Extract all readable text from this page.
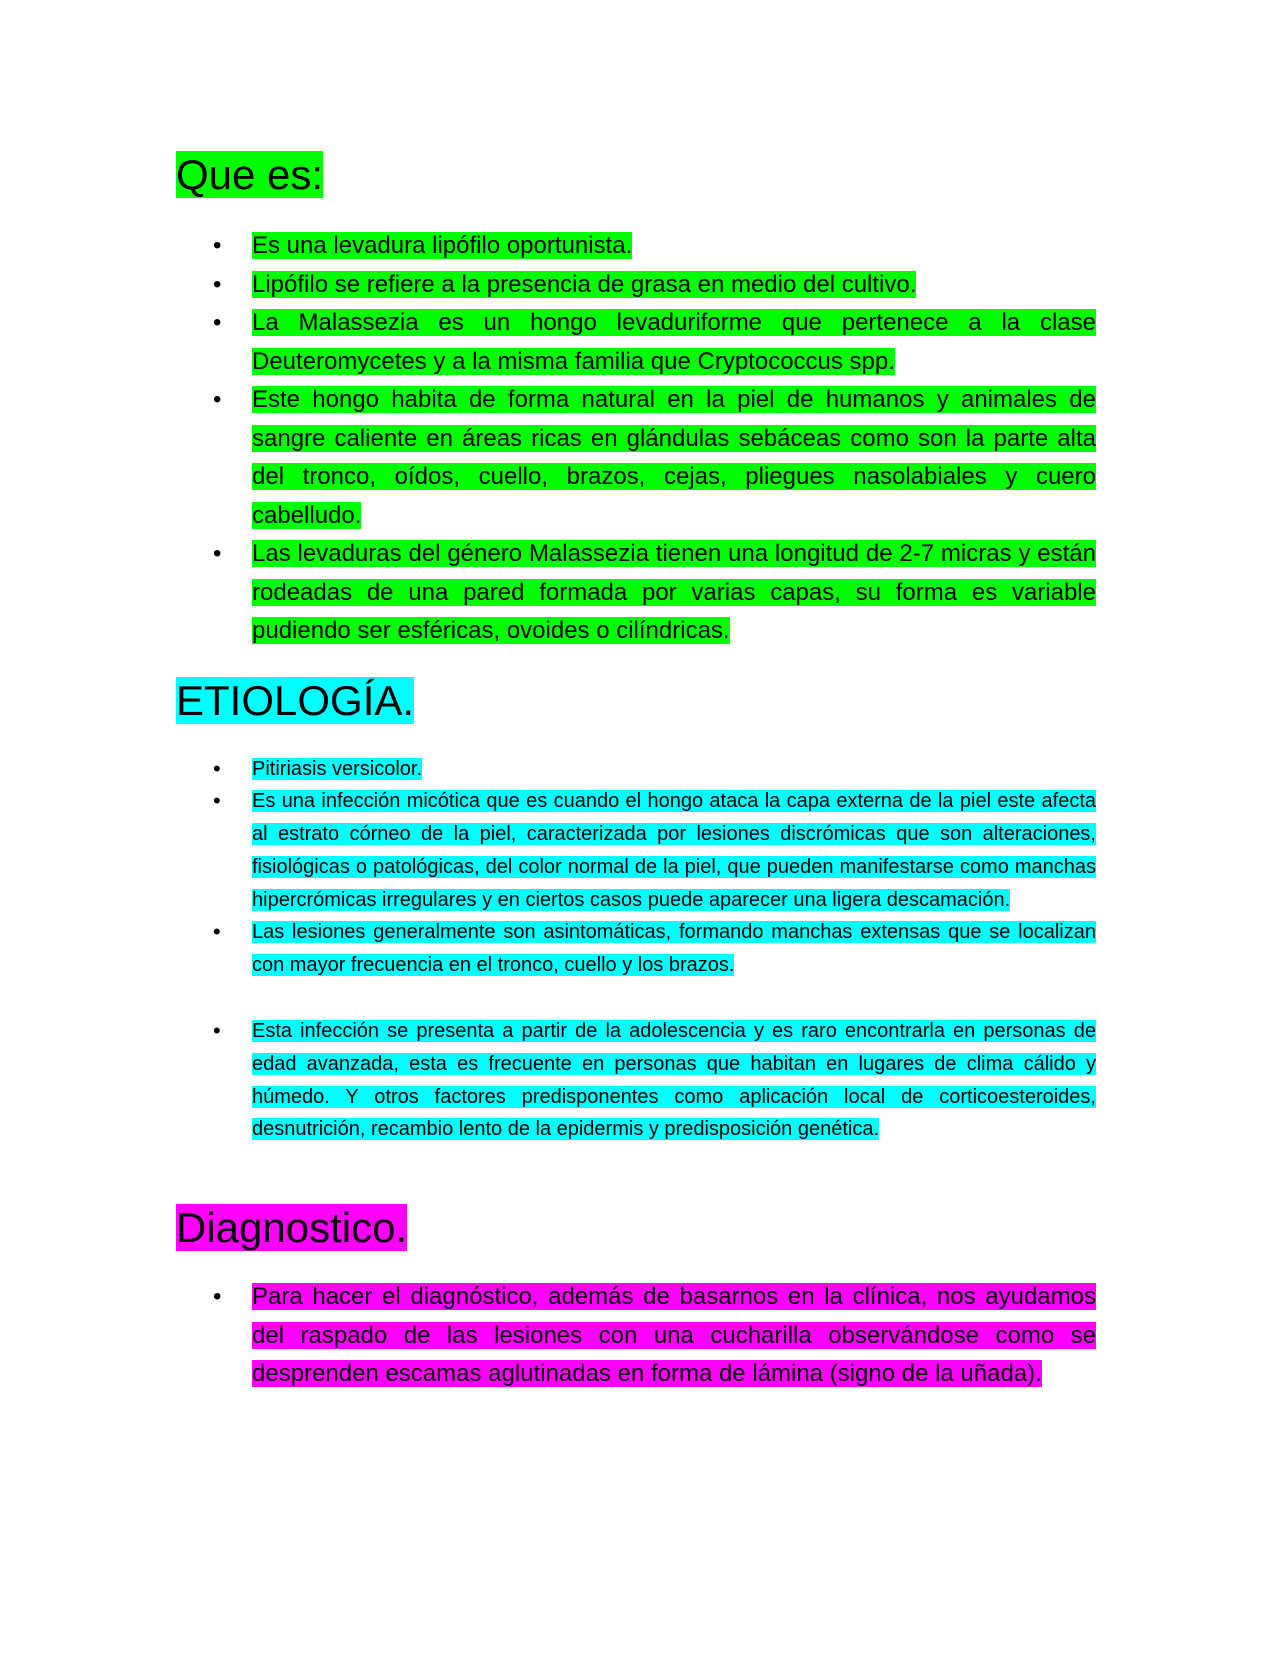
Que es:
• Es una levadura lipófilo oportunista.
• Lipófilo se refiere a la presencia de grasa en medio del cultivo.
• La Malassezia es un hongo levaduriforme que pertenece a la clase Deuteromycetes y a la misma familia que Cryptococcus spp.
• Este hongo habita de forma natural en la piel de humanos y animales de sangre caliente en áreas ricas en glándulas sebáceas como son la parte alta del tronco, oídos, cuello, brazos, cejas, pliegues nasolabiales y cuero cabelludo.
• Las levaduras del género Malassezia tienen una longitud de 2-7 micras y están rodeadas de una pared formada por varias capas, su forma es variable pudiendo ser esféricas, ovoides o cilíndricas.
ETIOLOGÍA.
• Pitiriasis versicolor.
• Es una infección micótica que es cuando el hongo ataca la capa externa de la piel este afecta al estrato córneo de la piel, caracterizada por lesiones discrómicas que son alteraciones, fisiológicas o patológicas, del color normal de la piel, que pueden manifestarse como manchas hipercrómicas irregulares y en ciertos casos puede aparecer una ligera descamación.
• Las lesiones generalmente son asintomáticas, formando manchas extensas que se localizan con mayor frecuencia en el tronco, cuello y los brazos.
• Esta infección se presenta a partir de la adolescencia y es raro encontrarla en personas de edad avanzada, esta es frecuente en personas que habitan en lugares de clima cálido y húmedo. Y otros factores predisponentes como aplicación local de corticoesteroides, desnutrición, recambio lento de la epidermis y predisposición genética.
Diagnostico.
• Para hacer el diagnóstico, además de basarnos en la clínica, nos ayudamos del raspado de las lesiones con una cucharilla observándose como se desprenden escamas aglutinadas en forma de lámina (signo de la uñada).
